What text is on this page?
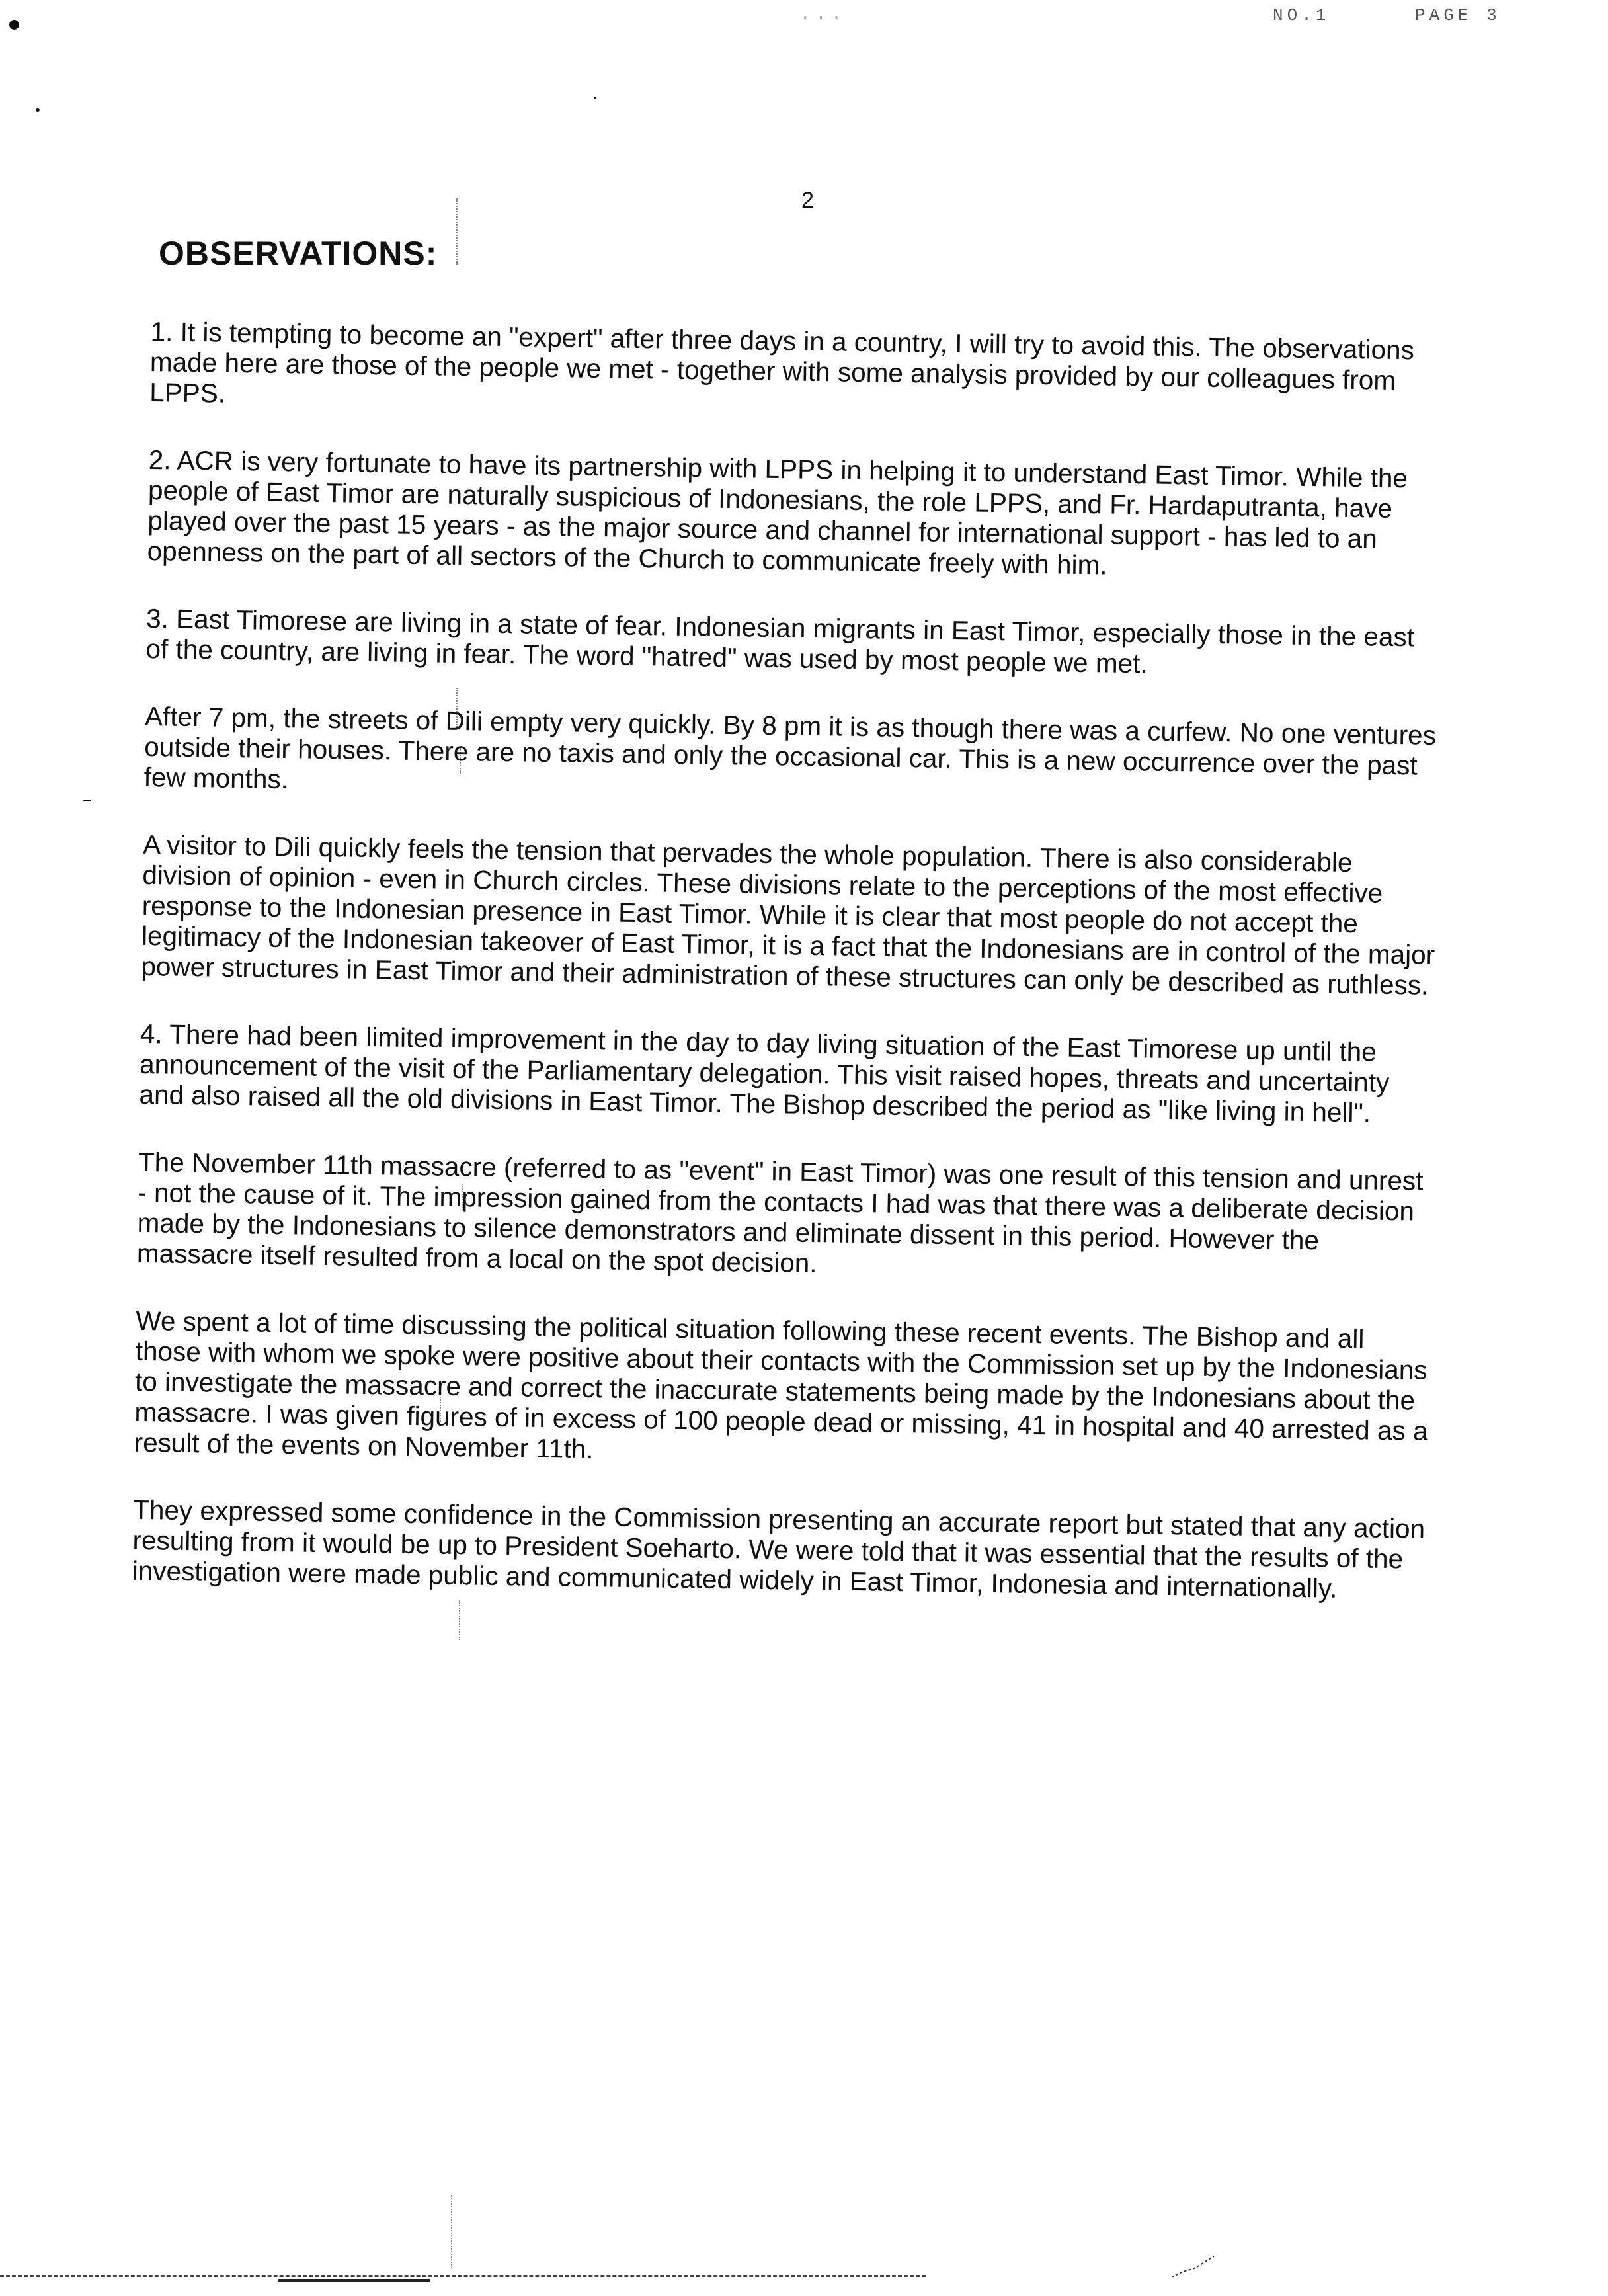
...	NO.1	PAGE 3
2
OBSERVATIONS:

1. It is tempting to become an "expert" after three days in a country, I will try to avoid this. The observations made here are those of the people we met - together with some analysis provided by our colleagues from LPPS.

2. ACR is very fortunate to have its partnership with LPPS in helping it to understand East Timor. While the people of East Timor are naturally suspicious of Indonesians, the role LPPS, and Fr. Hardaputranta, have played over the past 15 years - as the major source and channel for international support - has led to an openness on the part of all sectors of the Church to communicate freely with him.

3. East Timorese are living in a state of fear. Indonesian migrants in East Timor, especially those in the east of the country, are living in fear. The word "hatred" was used by most people we met.

After 7 pm, the streets of Dili empty very quickly. By 8 pm it is as though there was a curfew. No one ventures outside their houses. There are no taxis and only the occasional car. This is a new occurrence over the past few months.

A visitor to Dili quickly feels the tension that pervades the whole population. There is also considerable division of opinion - even in Church circles. These divisions relate to the perceptions of the most effective response to the Indonesian presence in East Timor. While it is clear that most people do not accept the legitimacy of the Indonesian takeover of East Timor, it is a fact that the Indonesians are in control of the major power structures in East Timor and their administration of these structures can only be described as ruthless.

4. There had been limited improvement in the day to day living situation of the East Timorese up until the announcement of the visit of the Parliamentary delegation. This visit raised hopes, threats and uncertainty and also raised all the old divisions in East Timor. The Bishop described the period as "like living in hell".

The November 11th massacre (referred to as "event" in East Timor) was one result of this tension and unrest - not the cause of it. The impression gained from the contacts I had was that there was a deliberate decision made by the Indonesians to silence demonstrators and eliminate dissent in this period. However the massacre itself resulted from a local on the spot decision.

We spent a lot of time discussing the political situation following these recent events. The Bishop and all those with whom we spoke were positive about their contacts with the Commission set up by the Indonesians to investigate the massacre and correct the inaccurate statements being made by the Indonesians about the massacre. I was given figures of in excess of 100 people dead or missing, 41 in hospital and 40 arrested as a result of the events on November 11th.

They expressed some confidence in the Commission presenting an accurate report but stated that any action resulting from it would be up to President Soeharto. We were told that it was essential that the results of the investigation were made public and communicated widely in East Timor, Indonesia and internationally.
